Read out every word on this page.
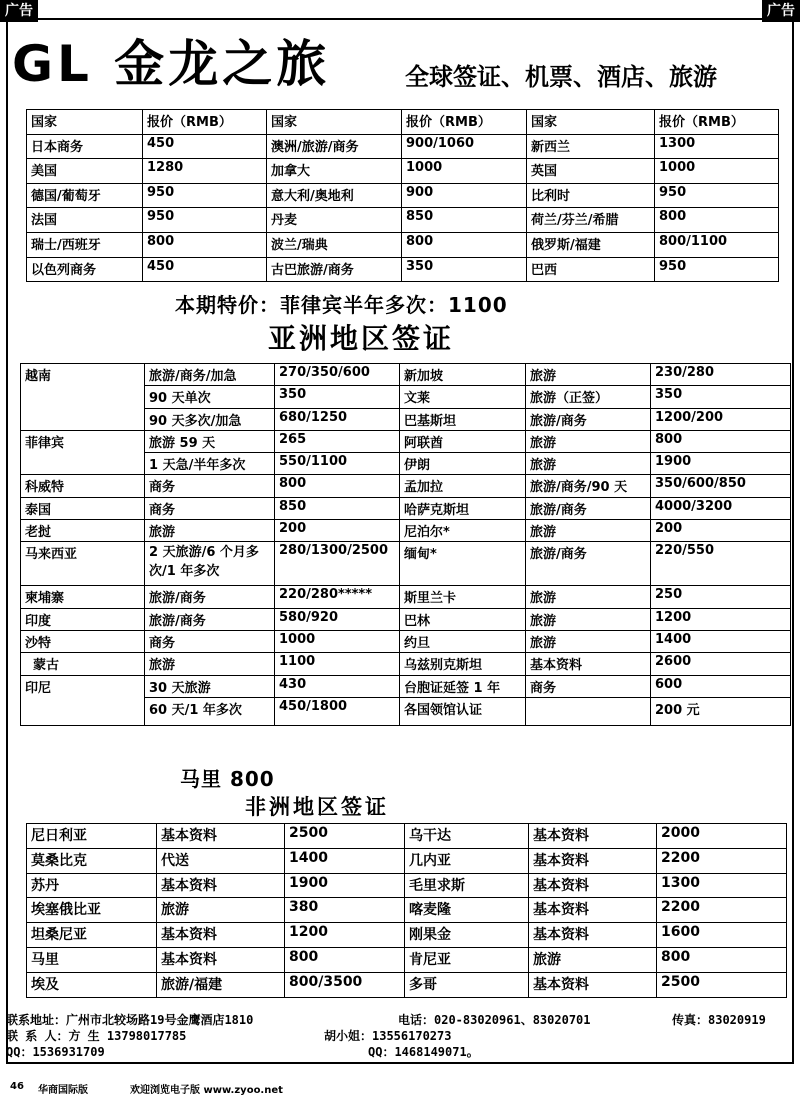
广告	广告
GL 金龙之旅	全球签证、机票、酒店、旅游
国家	报价（RMB）	国家	报价（RMB）	国家	报价（RMB）
日本商务	450	澳洲/旅游/商务	900/1060	新西兰	1300
美国	1280	加拿大	1000	英国	1000
德国/葡萄牙	950	意大利/奥地利	900	比利时	950
法国	950	丹麦	850	荷兰/芬兰/希腊	800
瑞士/西班牙	800	波兰/瑞典	800	俄罗斯/福建	800/1100
以色列商务	450	古巴旅游/商务	350	巴西	950
本期特价：菲律宾半年多次：1100
亚洲地区签证
越南	旅游/商务/加急	270/350/600	新加坡	旅游	230/280
	90 天单次	350	文莱	旅游（正签）	350
	90 天多次/加急	680/1250	巴基斯坦	旅游/商务	1200/200
菲律宾	旅游 59 天	265	阿联酋	旅游	800
	1 天急/半年多次	550/1100	伊朗	旅游	1900
科威特	商务	800	孟加拉	旅游/商务/90 天	350/600/850
泰国	商务	850	哈萨克斯坦	旅游/商务	4000/3200
老挝	旅游	200	尼泊尔*	旅游	200
马来西亚	2 天旅游/6 个月多次/1 年多次	280/1300/2500	缅甸*	旅游/商务	220/550
柬埔寨	旅游/商务	220/280*****	斯里兰卡	旅游	250
印度	旅游/商务	580/920	巴林	旅游	1200
沙特	商务	1000	约旦	旅游	1400
蒙古	旅游	1100	乌兹别克斯坦	基本资料	2600
印尼	30 天旅游	430	台胞证延签 1 年	商务	600
	60 天/1 年多次	450/1800	各国领馆认证		200 元
马里 800
非洲地区签证
尼日利亚	基本资料	2500	乌干达	基本资料	2000
莫桑比克	代送	1400	几内亚	基本资料	2200
苏丹	基本资料	1900	毛里求斯	基本资料	1300
埃塞俄比亚	旅游	380	喀麦隆	基本资料	2200
坦桑尼亚	基本资料	1200	刚果金	基本资料	1600
马里	基本资料	800	肯尼亚	旅游	800
埃及	旅游/福建	800/3500	多哥	基本资料	2500
联系地址：广州市北较场路19号金鹰酒店1810	电话：020-83020961、83020701	传真：83020919
联 系 人：方 生 13798017785	胡小姐：13556170273
QQ：1536931709	QQ：1468149071。
46 华商国际版	欢迎浏览电子版 www.zyoo.net
